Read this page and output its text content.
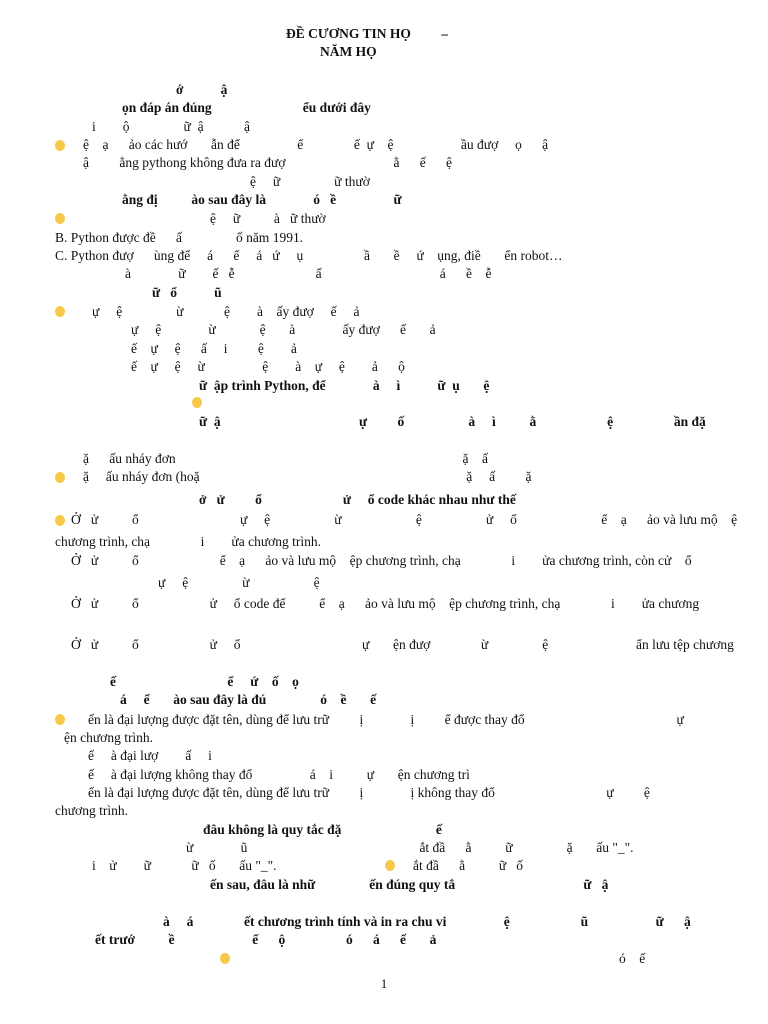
ĐỀ CƯƠNG TIN HỌ         –
NĂM HỌ
ớ           ậ
ọn đáp án đúng                           ểu dưới đây
i        ộ                ữ  ậ            ậ
ệ    ạ      ảo các hướ       ẫn để                 ể               ế  ự    ệ                    ầu đượ     ọ      ậ
ậ         ằng pythong không đưa ra đượ                                ằ      ế      ệ
ệ     ữ                ữ thườ
ằng đị          ào sau đây là              ó   ề                 ữ
ệ     ữ          à   ữ thườ
B. Python được đề      ấ                ố năm 1991.
C. Python đượ      ùng để     á      ể     á   ứ     ụ                  ầ       ề     ứ    ụng, điề       ển robot…
à              ữ        ế   ễ                        ấ                                   á      ề    ễ
ữ   ổ           ũ
ự     ệ                ừ            ệ        à    ấy đượ     ế     ả
ự     ệ              ừ             ệ       à              ấy đượ      ế       ả
ế    ự     ệ      ấ     i         ệ        ả
ế    ự     ệ     ừ                 ệ        à    ự     ệ        ả      ộ
ữ  ập trình Python, để              à     ì           ữ  ụ       ệ
ữ  ậ                                         ự         ố                   à     ì          ằ                     ệ                  ần đặ
ặ      ấu nháy đơn                                                                                     ặ    ấ
ặ     ấu nháy đơn (hoặ                                                                               ặ     ấ         ặ
ở   ử         ổ                        ử     ổ code khác nhau như thế
Ở   ử          ổ                              ự     ệ                   ừ                      ệ                   ử     ổ                         ể    ạ      ảo và lưu mộ    ệ
chương trình, chạ               i        ửa chương trình.
Ở   ử          ổ                        ể    ạ      ảo và lưu mộ    ệp chương trình, chạ               i        ửa chương trình, còn cử    ổ
ự     ệ                ừ                   ệ
Ở   ử          ổ                     ử     ổ code để          ể    ạ      ảo và lưu mộ    ệp chương trình, chạ               i        ửa chương
Ở   ử          ổ                     ử     ổ                                    ự       ện đượ               ừ                ệ                          ẩn lưu tệp chương
ế                                 ể     ứ    ố    ọ
á     ể       ào sau đây là đú                ó    ề       ế
ến là đại lượng được đặt tên, dùng để lưu trữ         ị              ị         ể được thay đổ                                             ự
ện chương trình.
ế     à đại lượ        ấ     i
ế     à đại lượng không thay đổ                 á    i          ự       ện chương trì
ến là đại lượng được đặt tên, dùng để lưu trữ         ị              ị không thay đổ                                 ự         ệ
chương trình.
đâu không là quy tắc đặ                            ế
ừ              ũ                                                   ắt đầ      ằ          ữ                ặ       ấu "_".
i    ử        ữ            ữ   ố       ấu "_".	ắt đầ      ằ          ữ   ố
ến sau, đâu là nhữ                ến đúng quy tắ                                      ữ   ậ
à     á               ết chương trình tính và in ra chu vi                 ệ                     ũ                    ữ      ậ
ết trướ          ề                       ể      ộ                  ó      á      ế       ả
ó    ế
1
